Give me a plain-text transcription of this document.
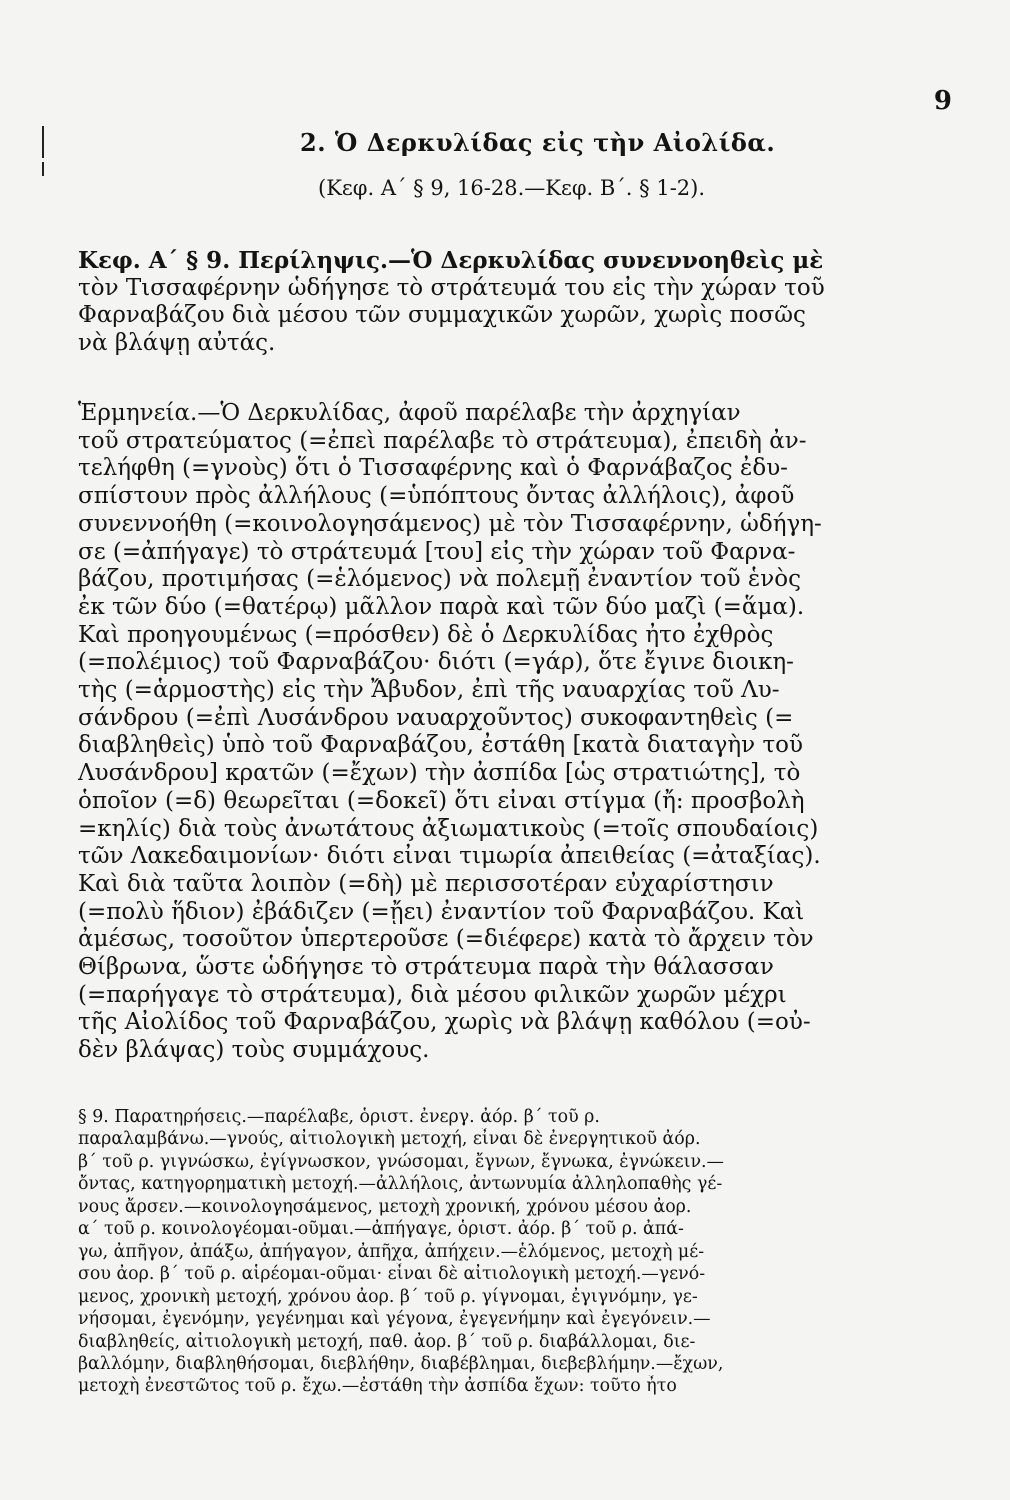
9
2. Ὁ Δερκυλίδας εἰς τὴν Αἰολίδα.
(Κεφ. Α΄ § 9, 16-28.—Κεφ. Β΄. § 1-2).
Κεφ. Α΄ § 9. Περίληψις.—Ὁ Δερκυλίδας συνεννοηθεὶς μὲ
τὸν Τισσαφέρνην ὡδήγησε τὸ στράτευμά του εἰς τὴν χώραν τοῦ
Φαρναβάζου διὰ μέσου τῶν συμμαχικῶν χωρῶν, χωρὶς ποσῶς
νὰ βλάψῃ αὐτάς.
Ἑρμηνεία.—Ὁ Δερκυλίδας, ἀφοῦ παρέλαβε τὴν ἀρχηγίαν
τοῦ στρατεύματος (=ἐπεὶ παρέλαβε τὸ στράτευμα), ἐπειδὴ ἀν-
τελήφθη (=γνοὺς) ὅτι ὁ Τισσαφέρνης καὶ ὁ Φαρνάβαζος ἐδυ-
σπίστουν πρὸς ἀλλήλους (=ὑπόπτους ὄντας ἀλλήλοις), ἀφοῦ
συνεννοήθη (=κοινολογησάμενος) μὲ τὸν Τισσαφέρνην, ὡδήγη-
σε (=ἀπήγαγε) τὸ στράτευμά [του] εἰς τὴν χώραν τοῦ Φαρνα-
βάζου, προτιμήσας (=ἑλόμενος) νὰ πολεμῇ ἐναντίον τοῦ ἑνὸς
ἐκ τῶν δύο (=θατέρῳ) μᾶλλον παρὰ καὶ τῶν δύο μαζὶ (=ἅμα).
Καὶ προηγουμένως (=πρόσθεν) δὲ ὁ Δερκυλίδας ἦτο ἐχθρὸς
(=πολέμιος) τοῦ Φαρναβάζου· διότι (=γάρ), ὅτε ἔγινε διοικη-
τὴς (=ἁρμοστὴς) εἰς τὴν Ἄβυδον, ἐπὶ τῆς ναυαρχίας τοῦ Λυ-
σάνδρου (=ἐπὶ Λυσάνδρου ναυαρχοῦντος) συκοφαντηθεὶς (=
διαβληθεὶς) ὑπὸ τοῦ Φαρναβάζου, ἐστάθη [κατὰ διαταγὴν τοῦ
Λυσάνδρου] κρατῶν (=ἔχων) τὴν ἀσπίδα [ὡς στρατιώτης], τὸ
ὁποῖον (=δ) θεωρεῖται (=δοκεῖ) ὅτι εἶναι στίγμα (ἤ: προσβολὴ
=κηλίς) διὰ τοὺς ἀνωτάτους ἀξιωματικοὺς (=τοῖς σπουδαίοις)
τῶν Λακεδαιμονίων· διότι εἶναι τιμωρία ἀπειθείας (=ἀταξίας).
Καὶ διὰ ταῦτα λοιπὸν (=δὴ) μὲ περισσοτέραν εὐχαρίστησιν
(=πολὺ ἥδιον) ἐβάδιζεν (=ᾔει) ἐναντίον τοῦ Φαρναβάζου. Καὶ
ἀμέσως, τοσοῦτον ὑπερτεροῦσε (=διέφερε) κατὰ τὸ ἄρχειν τὸν
Θίβρωνα, ὥστε ὡδήγησε τὸ στράτευμα παρὰ τὴν θάλασσαν
(=παρήγαγε τὸ στράτευμα), διὰ μέσου φιλικῶν χωρῶν μέχρι
τῆς Αἰολίδος τοῦ Φαρναβάζου, χωρὶς νὰ βλάψῃ καθόλου (=οὐ-
δὲν βλάψας) τοὺς συμμάχους.
§ 9. Παρατηρήσεις.—παρέλαβε, ὁριστ. ἐνεργ. ἀόρ. β΄ τοῦ ρ.
παραλαμβάνω.—γνούς, αἰτιολογικὴ μετοχή, εἶναι δὲ ἐνεργητικοῦ ἀόρ.
β΄ τοῦ ρ. γιγνώσκω, ἐγίγνωσκον, γνώσομαι, ἔγνων, ἔγνωκα, ἐγνώκειν.—
ὄντας, κατηγορηματικὴ μετοχή.—ἀλλήλοις, ἀντωνυμία ἀλληλοπαθὴς γέ-
νους ἄρσεν.—κοινολογησάμενος, μετοχὴ χρονική, χρόνου μέσου ἀορ.
α΄ τοῦ ρ. κοινολογέομαι-οῦμαι.—ἀπήγαγε, ὁριστ. ἀόρ. β΄ τοῦ ρ. ἀπά-
γω, ἀπῆγον, ἀπάξω, ἀπήγαγον, ἀπῆχα, ἀπήχειν.—ἑλόμενος, μετοχὴ μέ-
σου ἀορ. β΄ τοῦ ρ. αἱρέομαι-οῦμαι· εἶναι δὲ αἰτιολογικὴ μετοχή.—γενό-
μενος, χρονικὴ μετοχή, χρόνου ἀορ. β΄ τοῦ ρ. γίγνομαι, ἐγιγνόμην, γε-
νήσομαι, ἐγενόμην, γεγένημαι καὶ γέγονα, ἐγεγενήμην καὶ ἐγεγόνειν.—
διαβληθείς, αἰτιολογικὴ μετοχή, παθ. ἀορ. β΄ τοῦ ρ. διαβάλλομαι, διε-
βαλλόμην, διαβληθήσομαι, διεβλήθην, διαβέβλημαι, διεβεβλήμην.—ἔχων,
μετοχὴ ἐνεστῶτος τοῦ ρ. ἔχω.—ἐστάθη τὴν ἀσπίδα ἔχων: τοῦτο ἦτο
